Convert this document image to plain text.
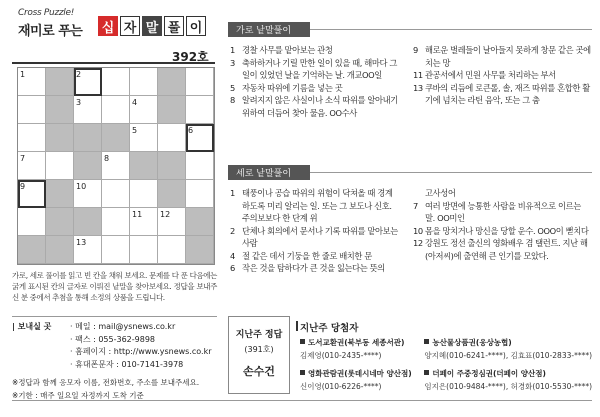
Cross Puzzle!
재미로 푸는 십 자 말 풀 이
392호
1	2
3	4
5	6
7	8
9	10
11 12
13
가로, 세로 풀이를 읽고 빈 칸을 채워 보세요. 문제를 다 푼 다음에는 굵게 표시된 칸의 글자로 이뤄진 낱말을 찾아보세요. 정답을 보내주신 분 중에서 추첨을 통해 소정의 상품을 드립니다.
| 보내실 곳 · 메일 : mail@ysnews.co.kr
· 팩스 : 055-362-9898
· 홈페이지 : http://www.ysnews.co.kr
· 휴대폰문자 : 010-7141-3978
※정답과 함께 응모자 이름, 전화번호, 주소를 보내주세요.
※기한 : 매주 일요일 자정까지 도착 기준
가로 낱말풀이
1 경찰 사무를 맡아보는 관청
3 축하하거나 기릴 만한 일이 있을 때, 해마다 그 일이 있었던 날을 기억하는 날. 개교OO일
5 자동차 따위에 기름을 넣는 곳
8 알려지지 않은 사실이나 소식 따위를 알아내기 위하여 더듬어 찾아 물음. OO수사
9 해로운 벌레들이 날아들지 못하게 창문 같은 곳에 치는 망
11 관공서에서 민원 사무를 처리하는 부서
13 쿠바의 리듬에 로큰롤, 솔, 재즈 따위를 혼합한 활기에 넘치는 라틴 음악, 또는 그 춤
세로 낱말풀이
1 태풍이나 공습 따위의 위험이 닥쳐올 때 경계하도록 미리 알리는 일. 또는 그 보도나 신호. 주의보보다 한 단계 위
2 단체나 회의에서 문서나 기록 따위를 맡아보는 사람
4 절 같은 데서 기둥을 한 줄로 배치한 문
6 작은 것을 탐하다가 큰 것을 잃는다는 뜻의
고사성어
7 여러 방면에 능통한 사람을 비유적으로 이르는 말. OO미인
10 몸을 망치거나 망신을 당할 운수. OOO이 뻗치다
12 강원도 정선 출신의 영화배우 겸 탤런트. 지난 해 (아저씨)에 출연해 큰 인기를 모았다.
지난주 정답
(391호)
손수건
지난주 당첨자
도서교환권(북부동 세종서관)
김제영(010-2435-****)
농산물상품권(웅상농협)
양지혜(010-6241-****), 김효표(010-2833-****)
영화관람권(롯데시네마 양산점)
신이영(010-6226-****)
더페이 주중정심권(더페이 양산점)
임지은(010-9484-****), 허경화(010-5530-****)
